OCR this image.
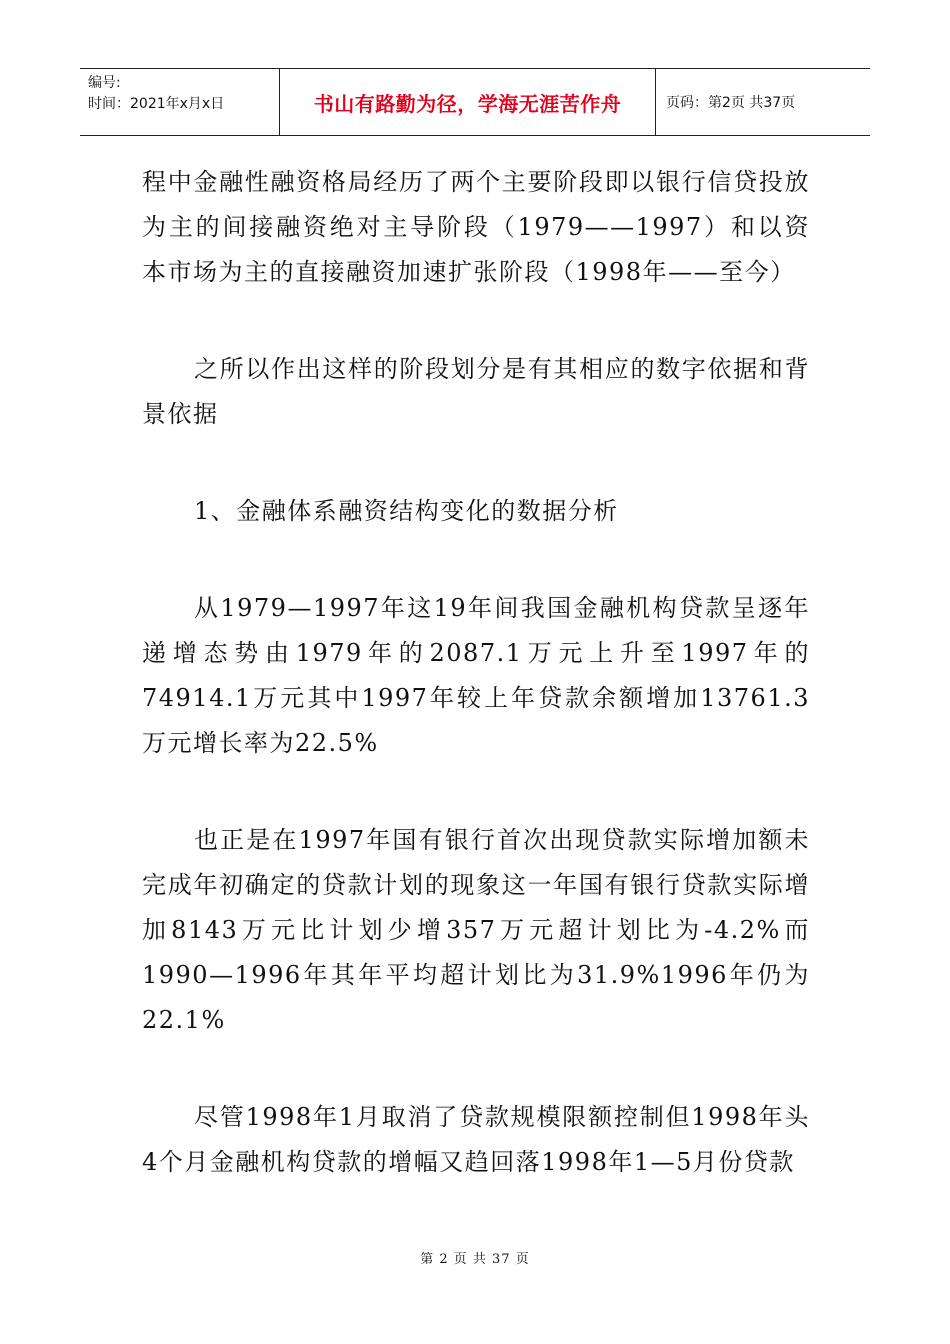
编号:
时间：2021年x月x日	书山有路勤为径，学海无涯苦作舟	页码：第2页 共37页

程中金融性融资格局经历了两个主要阶段即以银行信贷投放为主的间接融资绝对主导阶段（1979——1997）和以资本市场为主的直接融资加速扩张阶段（1998年——至今）

之所以作出这样的阶段划分是有其相应的数字依据和背景依据

1、金融体系融资结构变化的数据分析

从1979—1997年这19年间我国金融机构贷款呈逐年递增态势由1979年的2087.1万元上升至1997年的74914.1万元其中1997年较上年贷款余额增加13761.3万元增长率为22.5%

也正是在1997年国有银行首次出现贷款实际增加额未完成年初确定的贷款计划的现象这一年国有银行贷款实际增加8143万元比计划少增357万元超计划比为-4.2%而1990—1996年其年平均超计划比为31.9%1996年仍为22.1%

尽管1998年1月取消了贷款规模限额控制但1998年头4个月金融机构贷款的增幅又趋回落1998年1—5月份贷款

第 2 页 共 37 页
